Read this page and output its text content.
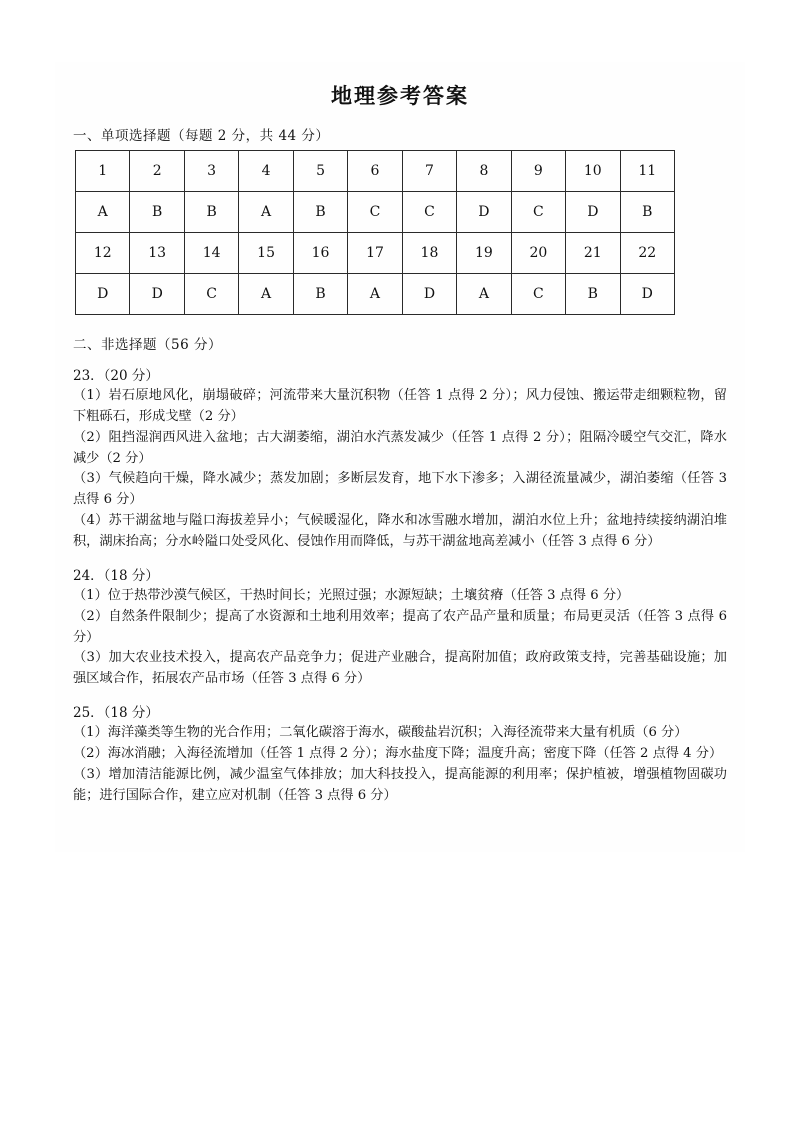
地理参考答案
一、单项选择题（每题 2 分，共 44 分）
1	2	3	4	5	6	7	8	9	10	11
A	B	B	A	B	C	C	D	C	D	B
12	13	14	15	16	17	18	19	20	21	22
D	D	C	A	B	A	D	A	C	B	D
二、非选择题（56 分）
23．（20 分）

（1）岩石原地风化，崩塌破碎；河流带来大量沉积物（任答 1 点得 2 分）；风力侵蚀、搬运带走细颗粒物，留下粗砾石，形成戈壁（2 分）

（2）阻挡湿润西风进入盆地；古大湖萎缩，湖泊水汽蒸发减少（任答 1 点得 2 分）；阻隔冷暖空气交汇，降水减少（2 分）

（3）气候趋向干燥，降水减少；蒸发加剧；多断层发育，地下水下渗多；入湖径流量减少，湖泊萎缩（任答 3 点得 6 分）

（4）苏干湖盆地与隘口海拔差异小；气候暖湿化，降水和冰雪融水增加，湖泊水位上升；盆地持续接纳湖泊堆积，湖床抬高；分水岭隘口处受风化、侵蚀作用而降低，与苏干湖盆地高差减小（任答 3 点得 6 分）

24．（18 分）

（1）位于热带沙漠气候区，干热时间长；光照过强；水源短缺；土壤贫瘠（任答 3 点得 6 分）

（2）自然条件限制少；提高了水资源和土地利用效率；提高了农产品产量和质量；布局更灵活（任答 3 点得 6 分）

（3）加大农业技术投入，提高农产品竞争力；促进产业融合，提高附加值；政府政策支持，完善基础设施；加强区域合作，拓展农产品市场（任答 3 点得 6 分）

25．（18 分）

（1）海洋藻类等生物的光合作用；二氧化碳溶于海水，碳酸盐岩沉积；入海径流带来大量有机质（6 分）

（2）海冰消融；入海径流增加（任答 1 点得 2 分）；海水盐度下降；温度升高；密度下降（任答 2 点得 4 分）

（3）增加清洁能源比例，减少温室气体排放；加大科技投入，提高能源的利用率；保护植被，增强植物固碳功能；进行国际合作，建立应对机制（任答 3 点得 6 分）
